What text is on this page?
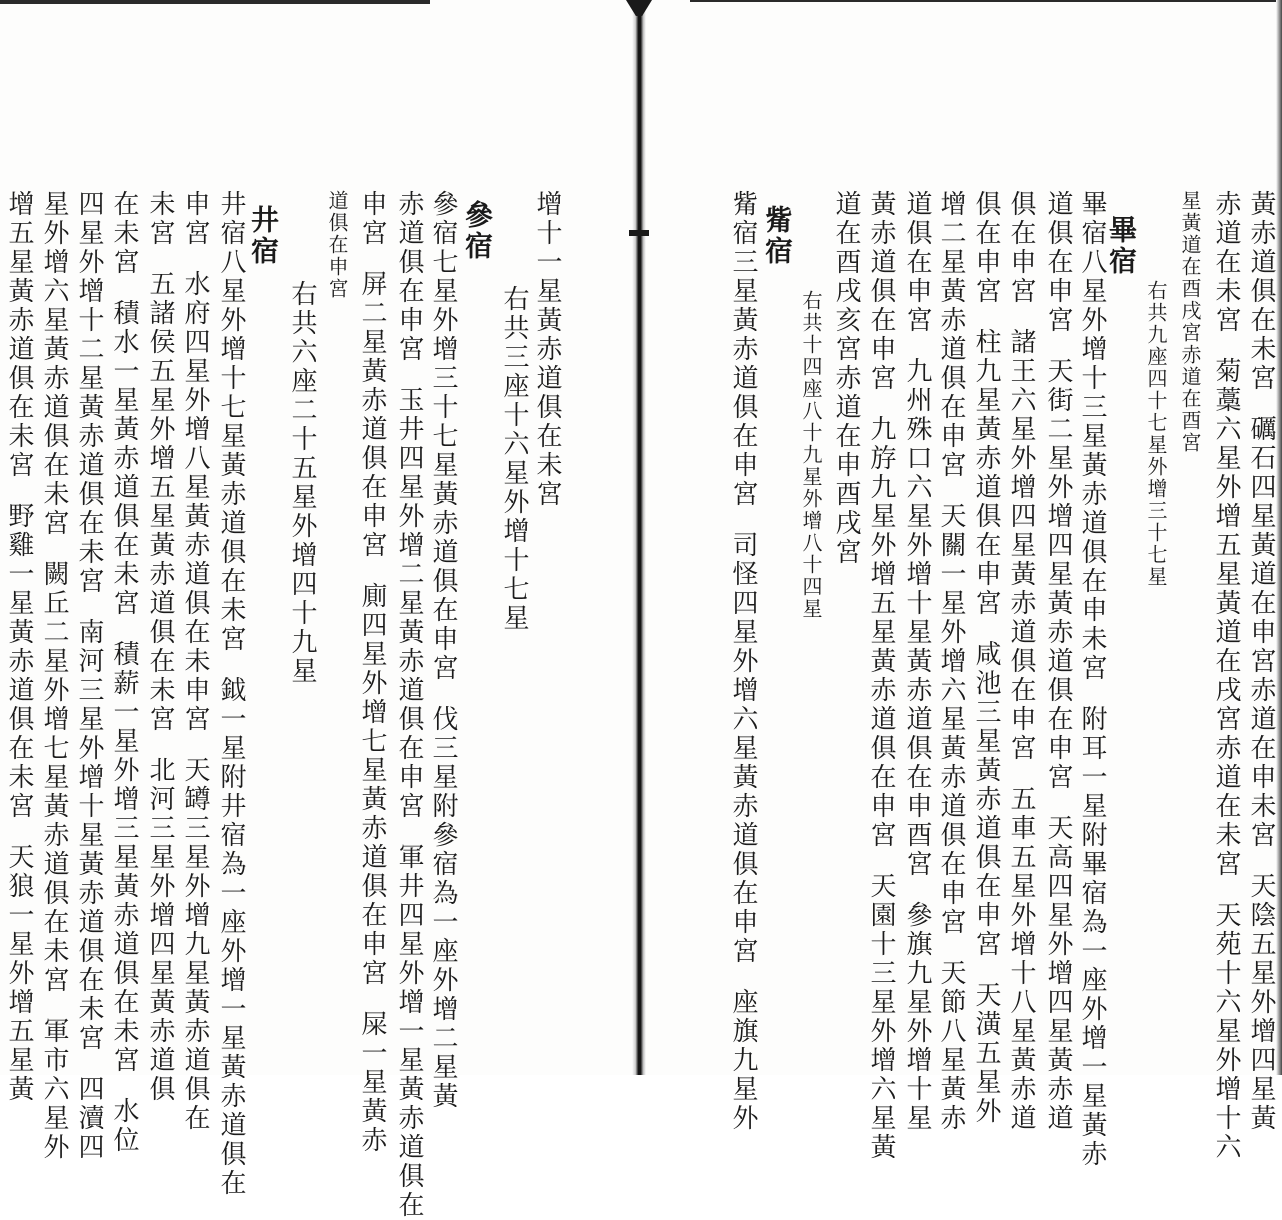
增十一星黃赤道俱在未宮
右共三座十六星外增十七星
參宿
參宿七星外增三十七星黃赤道俱在申宮伐三星附參宿為一座外增二星黃
赤道俱在申宮玉井四星外增二星黃赤道俱在申宮軍井四星外增一星黃赤道俱在
申宮屏二星黃赤道俱在申宮廁四星外增七星黃赤道俱在申宮屎一星黃赤
道俱在申宮
右共六座二十五星外增四十九星
井宿
井宿八星外增十七星黃赤道俱在未宮鉞一星附井宿為一座外增一星黃赤道俱在
申宮水府四星外增八星黃赤道俱在未申宮天罇三星外增九星黃赤道俱在
未宮五諸侯五星外增五星黃赤道俱在未宮北河三星外增四星黃赤道俱
在未宮積水一星黃赤道俱在未宮積薪一星外增三星黃赤道俱在未宮水位
四星外增十二星黃赤道俱在未宮南河三星外增十星黃赤道俱在未宮四瀆四
星外增六星黃赤道俱在未宮闕丘二星外增七星黃赤道俱在未宮軍市六星外
增五星黃赤道俱在未宮野雞一星黃赤道俱在未宮天狼一星外增五星黃
黃赤道俱在未宮礪石四星黃道在申宮赤道在申未宮天陰五星外增四星黃
赤道在未宮菊藁六星外增五星黃道在戌宮赤道在未宮天苑十六星外增十六
星黃道在酉戌宮赤道在酉宮
右共九座四十七星外增三十七星
畢宿
畢宿八星外增十三星黃赤道俱在申未宮附耳一星附畢宿為一座外增一星黃赤
道俱在申宮天街二星外增四星黃赤道俱在申宮天高四星外增四星黃赤道
俱在申宮諸王六星外增四星黃赤道俱在申宮五車五星外增十八星黃赤道
俱在申宮柱九星黃赤道俱在申宮咸池三星黃赤道俱在申宮天潢五星外
增二星黃赤道俱在申宮天關一星外增六星黃赤道俱在申宮天節八星黃赤
道俱在申宮九州殊口六星外增十星黃赤道俱在申酉宮參旗九星外增十星
黃赤道俱在申宮九斿九星外增五星黃赤道俱在申宮天園十三星外增六星黃
道在酉戌亥宮赤道在申酉戌宮
右共十四座八十九星外增八十四星
觜宿
觜宿三星黃赤道俱在申宮司怪四星外增六星黃赤道俱在申宮座旗九星外
